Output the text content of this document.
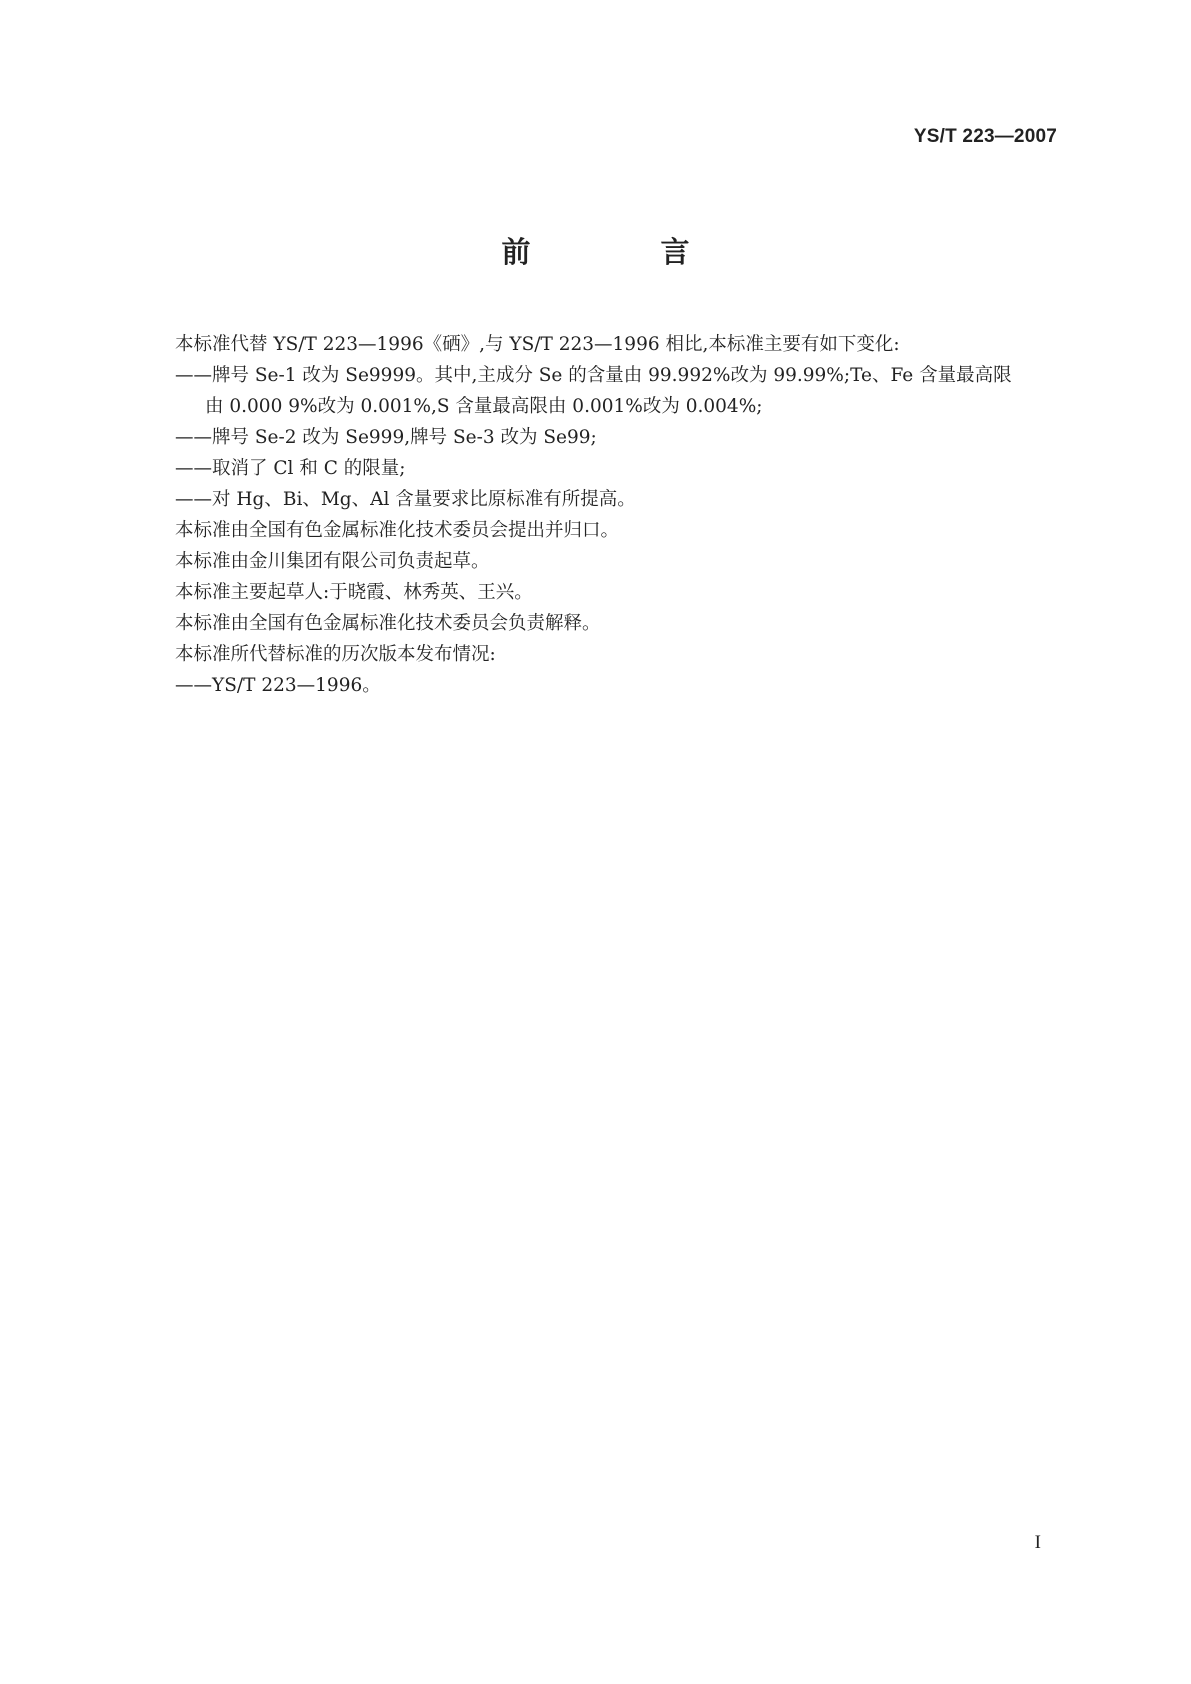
YS/T 223—2007
前 言
本标准代替 YS/T 223—1996《硒》,与 YS/T 223—1996 相比,本标准主要有如下变化:
——牌号 Se-1 改为 Se9999。其中,主成分 Se 的含量由 99.992%改为 99.99%;Te、Fe 含量最高限
由 0.000 9%改为 0.001%,S 含量最高限由 0.001%改为 0.004%;
——牌号 Se-2 改为 Se999,牌号 Se-3 改为 Se99;
——取消了 Cl 和 C 的限量;
——对 Hg、Bi、Mg、Al 含量要求比原标准有所提高。
本标准由全国有色金属标准化技术委员会提出并归口。
本标准由金川集团有限公司负责起草。
本标准主要起草人:于晓霞、林秀英、王兴。
本标准由全国有色金属标准化技术委员会负责解释。
本标准所代替标准的历次版本发布情况:
——YS/T 223—1996。
I
